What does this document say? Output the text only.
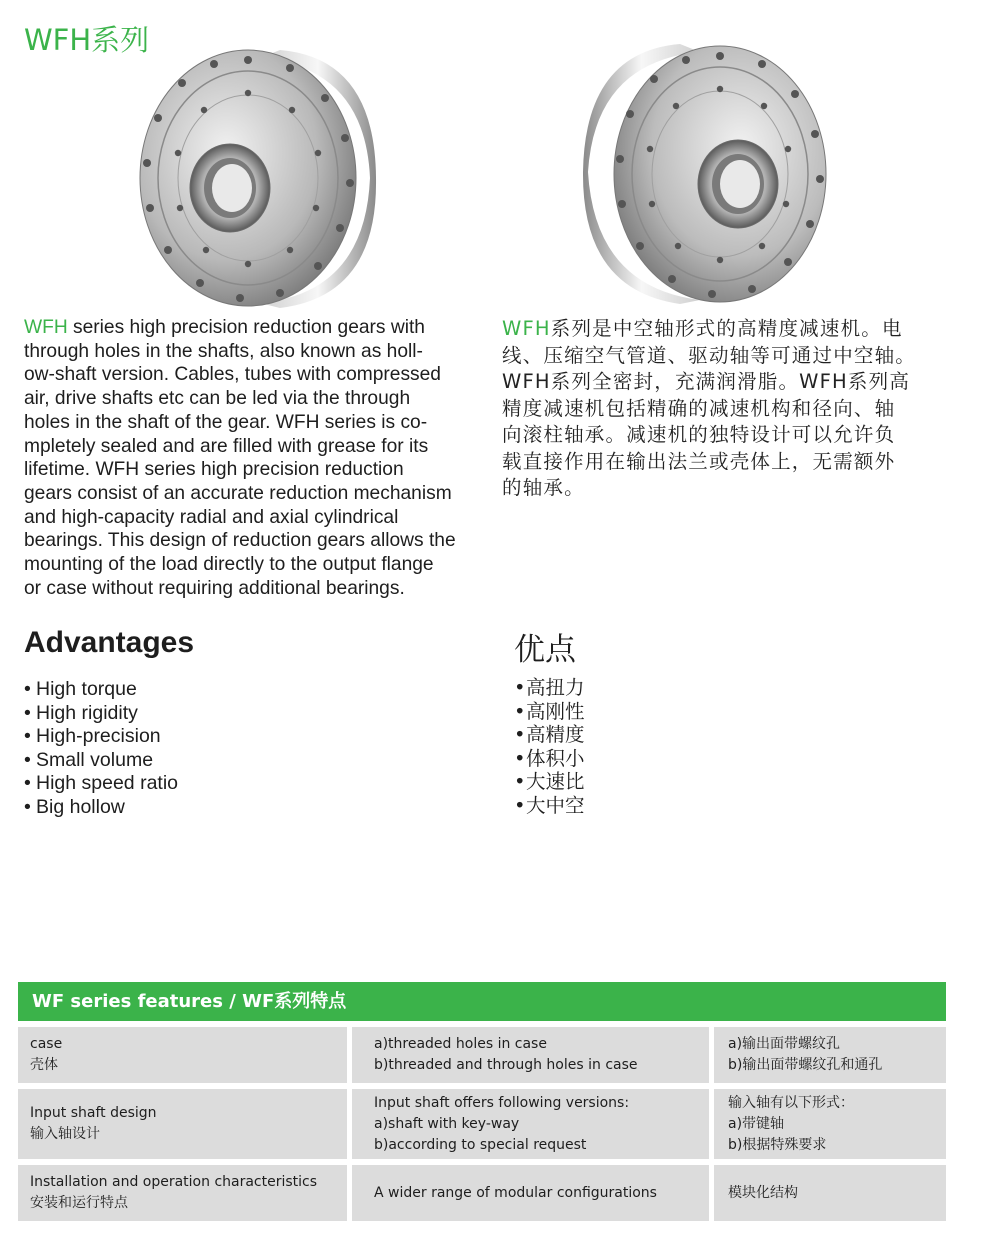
WFH系列
WFH series high precision reduction gears with
through holes in the shafts, also known as holl-
ow-shaft version. Cables, tubes with compressed
air, drive shafts etc can be led via the through
holes in the shaft of the gear. WFH series is co-
mpletely sealed and are filled with grease for its
lifetime. WFH series high precision reduction
gears consist of an accurate reduction mechanism
and high-capacity radial and axial cylindrical
bearings. This design of reduction gears allows the
mounting of the load directly to the output flange
or case without requiring additional bearings.
WFH系列是中空轴形式的高精度减速机。电
线、压缩空气管道、驱动轴等可通过中空轴。
WFH系列全密封，充满润滑脂。WFH系列高
精度减速机包括精确的减速机构和径向、轴
向滚柱轴承。减速机的独特设计可以允许负
载直接作用在输出法兰或壳体上，无需额外
的轴承。
Advantages
• High torque
• High rigidity
• High-precision
• Small volume
• High speed ratio
• Big hollow
优点
• 高扭力
• 高刚性
• 高精度
• 体积小
• 大速比
• 大中空
WF series features / WF系列特点
case
壳体
a)threaded holes in case
b)threaded and through holes in case
a)输出面带螺纹孔
b)输出面带螺纹孔和通孔
Input shaft design
输入轴设计
Input shaft offers following versions:
a)shaft with key-way
b)according to special request
输入轴有以下形式：
a)带键轴
b)根据特殊要求
Installation and operation characteristics
安装和运行特点
A wider range of modular configurations	模块化结构
